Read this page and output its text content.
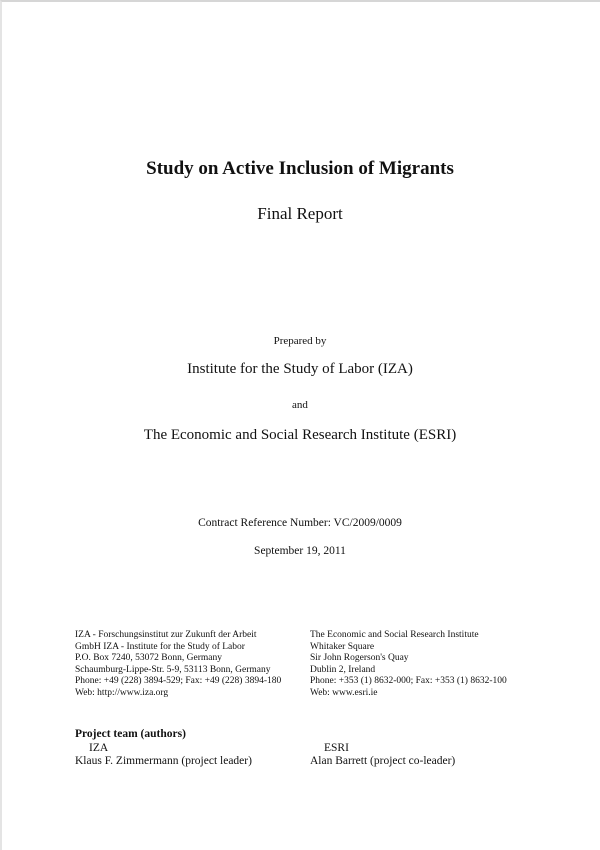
Study on Active Inclusion of Migrants
Final Report
Prepared by
Institute for the Study of Labor (IZA)
and
The Economic and Social Research Institute (ESRI)
Contract Reference Number: VC/2009/0009
September 19, 2011
IZA - Forschungsinstitut zur Zukunft der Arbeit
GmbH IZA - Institute for the Study of Labor
P.O. Box 7240, 53072 Bonn, Germany
Schaumburg-Lippe-Str. 5-9, 53113 Bonn, Germany
Phone: +49 (228) 3894-529; Fax: +49 (228) 3894-180
Web: http://www.iza.org
The Economic and Social Research Institute
Whitaker Square
Sir John Rogerson's Quay
Dublin 2, Ireland
Phone: +353 (1) 8632-000; Fax: +353 (1) 8632-100
Web: www.esri.ie
Project team (authors)
IZA	ESRI
Klaus F. Zimmermann (project leader)	Alan Barrett (project co-leader)
